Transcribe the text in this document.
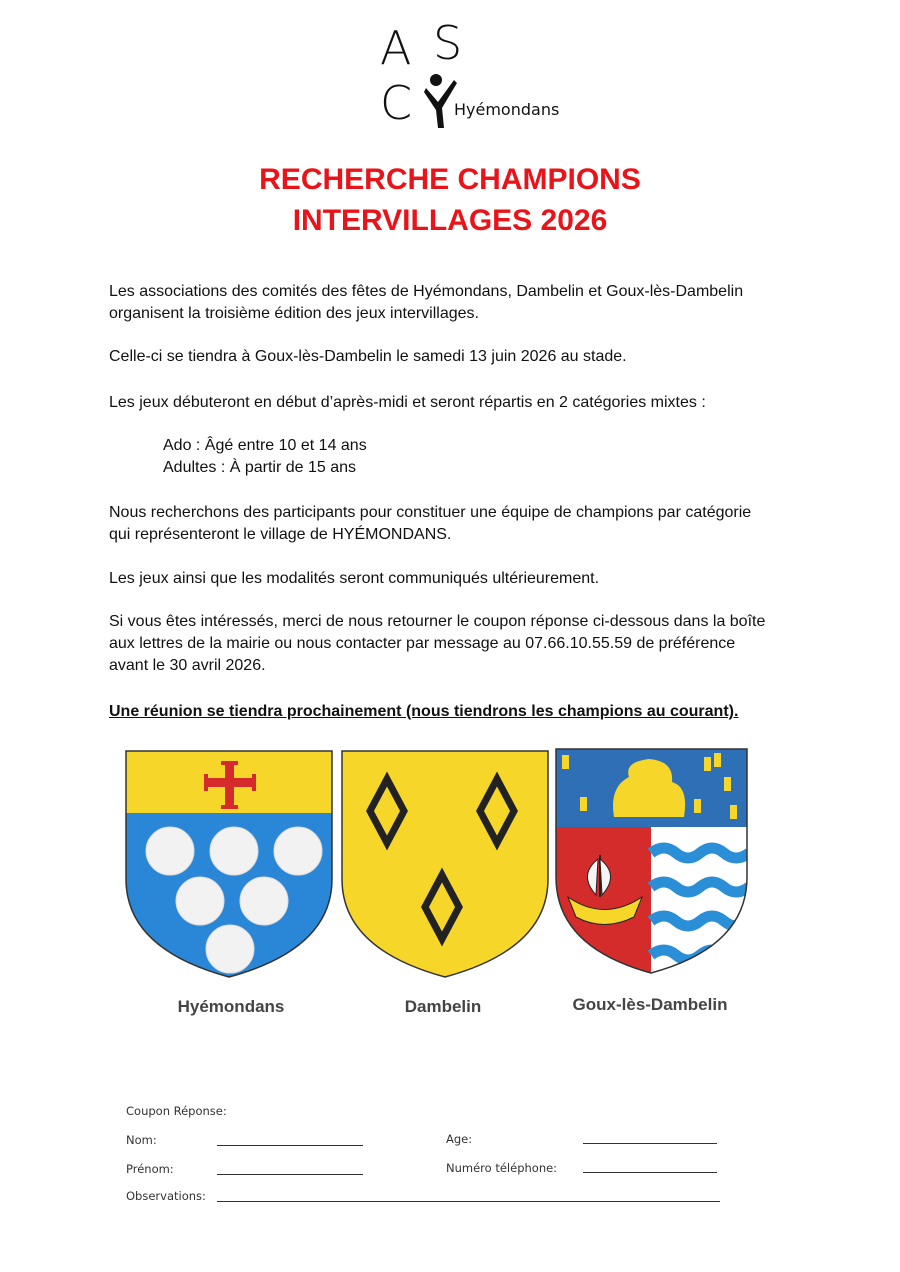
A S
C	Hyémondans
RECHERCHE CHAMPIONS
INTERVILLAGES 2026

Les associations des comités des fêtes de Hyémondans, Dambelin et Goux-lès-Dambelin

organisent la troisième édition des jeux intervillages.

Celle-ci se tiendra à Goux-lès-Dambelin le samedi 13 juin 2026 au stade.

Les jeux débuteront en début d’après-midi et seront répartis en 2 catégories mixtes :

Ado : Âgé entre 10 et 14 ans

Adultes : À partir de 15 ans

Nous recherchons des participants pour constituer une équipe de champions par catégorie

qui représenteront le village de HYÉMONDANS.

Les jeux ainsi que les modalités seront communiqués ultérieurement.

Si vous êtes intéressés, merci de nous retourner le coupon réponse ci-dessous dans la boîte

aux lettres de la mairie ou nous contacter par message au 07.66.10.55.59 de préférence

avant le 30 avril 2026.

Une réunion se tiendra prochainement (nous tiendrons les champions au courant).

Hyémondans	Dambelin	Goux-lès-Dambelin
Coupon Réponse:
Nom:	Age:
Prénom:	Numéro téléphone:
Observations:
